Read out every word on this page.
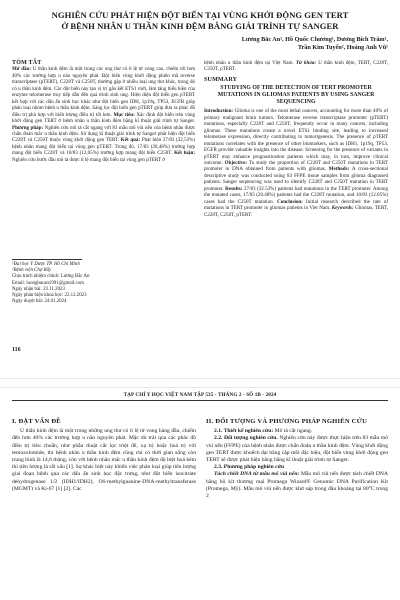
NGHIÊN CỨU PHÁT HIỆN ĐỘT BIẾN TẠI VÙNG KHỞI ĐỘNG GEN TERT
Ở BỆNH NHÂN U THẦN KINH ĐỆM BẰNG GIẢI TRÌNH TỰ SANGER
Lương Bắc An¹, Hồ Quốc Chương¹, Dương Bích Trâm¹,
Trần Kim Tuyến², Hoàng Anh Vũ¹
TÓM TẮT

Mở đầu: U thần kinh đệm là một trong các ung thư có tỉ lệ tử vong cao, chiếm tới hơn 40% các trường hợp u não nguyên phát. Đột biến vùng khởi động phiên mã reverse transcriptase (pTERT), C228T và C250T, thường gặp ở nhiều loại ung thư khác, trong đó có u thần kinh đệm. Các đột biến này tạo vị trí gắn kết ETS1 mới, làm tăng biểu hiện của enzyme telomerase truy tiếp dẫn đến quá trình sinh ung. Hiện diện đột biến gen pTERT kết hợp với các dấu ấn sinh học khác như đột biến gen IDH, 1p19q, TP53, EGFR giúp phân loại nhóm bệnh u thần kinh đệm. Sàng lọc đột biến gen pTERT giúp đưa ra phác đồ điều trị phù hợp với biến lượng điều trị tốt hơn. Mục tiêu: Xác định đột biến trên vùng khởi động gen TERT ở bệnh nhân u thần kinh đệm bằng kĩ thuật giải trình tự Sanger. Phương pháp: Nghiên cứu mô tả cắt ngang với 83 mẫu mô vùi nến của bệnh nhân được chẩn đoán mắc u thần kinh đệm. Sử dụng kĩ thuật giải trình tự Sanger phát hiện đột biến C228T và C250T thuộc vùng khởi động gen TERT. Kết quả: Phát hiện 27/83 (32,53%) bệnh nhân mang đột biến tại vùng gen pTERT. Trong đó, 17/83 (20,48%) trường hợp mang đột biến C228T và 10/83 (12,05%) trường hợp mang đột biến C250T. Kết luận: Nghiên cứu bước đầu mô tả được tỉ lệ mang đột biến tại vùng gen pTERT ở

¹Đại học Y Dược TP. Hồ Chí Minh

²Bệnh viện Chợ Rẫy

Chịu trách nhiệm chính: Lương Bắc An

Email: luongbacan1991@gmail.com

Ngày nhận bài: 23.11.2023

Ngày phản biện khoa học: 22.12.2023

Ngày duyệt bài: 24.01.2024

116

bệnh nhân u thần kinh đệm tại Việt Nam. Từ khóa: U thần kinh đệm, TERT, C228T, C250T, pTERT.

SUMMARY
STUDYING OF THE DETECTION OF TERT PROMOTER MUTATIONS IN GLIOMAS PATIENTS BY USING SANGER SEQUENCING

Introduction: Glioma is one of the most lethal cancers, accounting for more than 40% of primary malignant brain tumors. Telomerase reverse transcriptase promoter (pTERT) mutations, especially C228T and C250T, frequently occur in many cancers, including gliomas. These mutations create a novel ETS1 binding site, leading to increased telomerase expression, directly contributing to tumorigenesis. The presence of pTERT mutations correlates with the presence of other biomarkers, such as IDH1, 1p19q, TP53, EGFR provide valuable insights into the disease. Screening for the presence of variants in pTERT may enhance prognostication patients which may, in turn, improve clinical outcome. Objective: To study the proportion of C228T and C250T mutations in TERT promoter in DNA obtained from patients with gliomas. Methods: A cross-sectional descriptive study was conducted using 83 FFPE tissue samples from glioma diagnosed patients. Sanger sequencing was used to identify C228T and C250T mutation in TERT promoter. Results: 27/83 (32.53%) patients had mutations in the TERT promoter. Among the mutated cases, 17/83 (20.48%) patients had the C228T mutation, and 10/83 (12.05%) cases had the C250T mutation. Conclusion: Initial research described the rate of mutations in TERT promoter in gliomas patients in Viet Nam. Keywords: Gliomas, TERT, C228T, C250T, pTERT.

TẠP CHÍ Y HỌC VIỆT NAM TẬP 535 - THÁNG 2 - SỐ 1B - 2024
I. ĐẶT VẤN ĐỀ

U thần kinh đệm là một trong những ung thư có tỉ lệ tử vong hàng đầu, chiếm đến hơn 40% các trường hợp u não nguyên phát. Mặc dù trải qua các phác đồ điều trị tiêu chuẩn, như phẫu thuật cắt lọc triệt để, xạ trị hoặc hoá trị với temozolomide, thì bệnh nhân u thần kinh đệm cũng chỉ có thời gian sống còn trung bình là 14,6 tháng, còn với bệnh nhân mắc u thần kinh đệm độ biệt hoá kém thì tiên lượng là rất xấu [1]. Sự khác biệt này khiến việc phân loại giúp tiên lượng giai đoạn bệnh qua các dấu ấn sinh học đặc trưng, như đột biến isocitrate dehydrogenase 1/2 (IDH1/IDH2), O6-methylguanine-DNA-methyltransferase (MGMT) và Ki-67 [1] [2]. Các

II. ĐỐI TƯỢNG VÀ PHƯƠNG PHÁP NGHIÊN CỨU

2.1. Thiết kế nghiên cứu: Mô tả cắt ngang.

2.2. Đối tượng nghiên cứu. Nghiên cứu này được thực hiện trên 83 mẫu mô vùi nến (FFPE) của bệnh nhân được chẩn đoán u thần kinh đệm. Vùng khởi động gen TERT được khuếch đại bằng cặp mồi đặc hiệu, đột biến vùng khởi động gen TERT sẽ được phát hiện bằng bằng kĩ thuật giải trình tự Sanger.

2.3. Phương pháp nghiên cứu

Tách chiết DNA từ mẫu mô vùi nến: Mẫu mô vùi nến được tách chiết DNA bằng bộ kit thương mại Promega Wizard® Genomic DNA Purification Kit (Promega, Mỹ). Mẫu mô vùi nến được khử sáp trong dầu khoảng tại 80°C trong 2
